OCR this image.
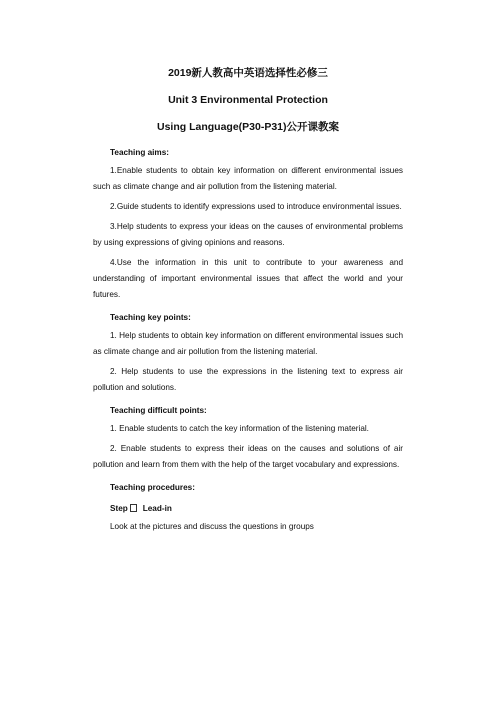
2019新人教高中英语选择性必修三

Unit 3 Environmental Protection

Using Language(P30-P31)公开课教案

Teaching aims:

1.Enable students to obtain key information on different environmental issues such as climate change and air pollution from the listening material.

2.Guide students to identify expressions used to introduce environmental issues.

3.Help students to express your ideas on the causes of environmental problems by using expressions of giving opinions and reasons.

4.Use the information in this unit to contribute to your awareness and understanding of important environmental issues that affect the world and your futures.

Teaching key points:

1. Help students to obtain key information on different environmental issues such as climate change and air pollution from the listening material.

2. Help students to use the expressions in the listening text to express air pollution and solutions.

Teaching difficult points:

1. Enable students to catch the key information of the listening material.

2. Enable students to express their ideas on the causes and solutions of air pollution and learn from them with the help of the target vocabulary and expressions.

Teaching procedures:

Step Lead-in

Look at the pictures and discuss the questions in groups
